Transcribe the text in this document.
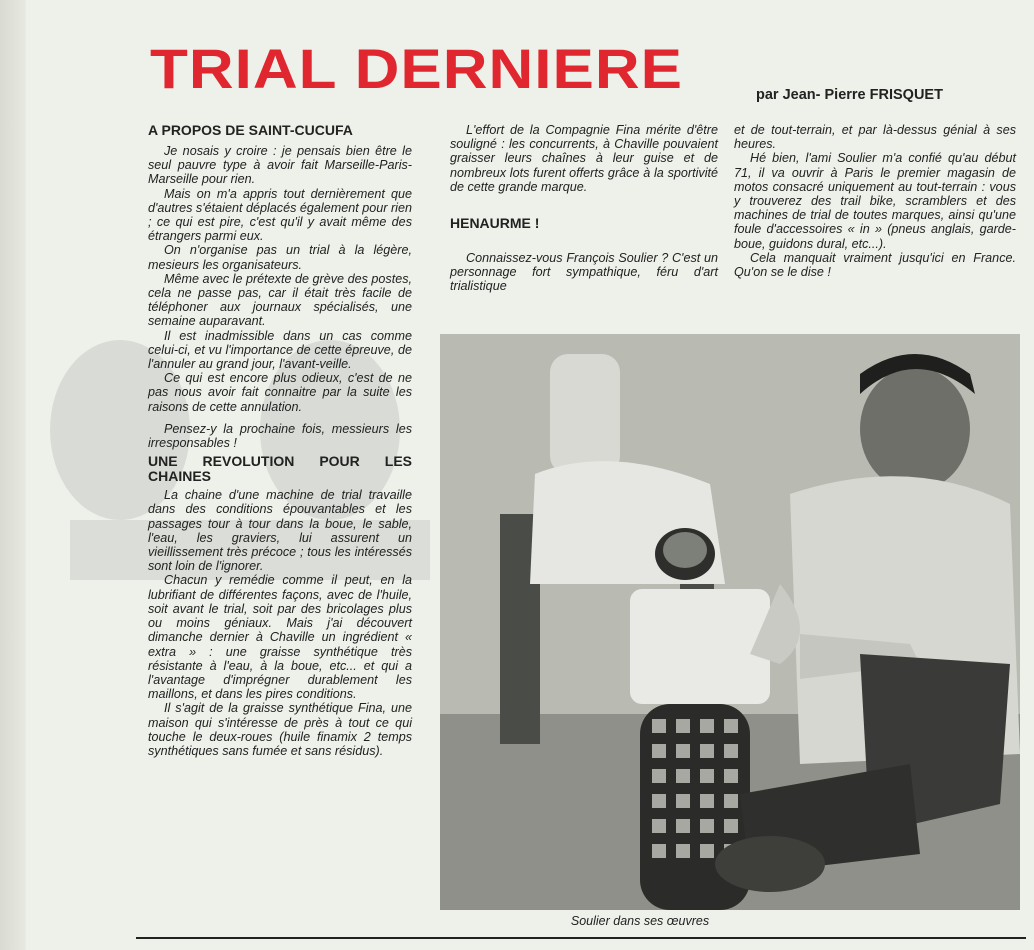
TRIAL DERNIERE	par Jean- Pierre FRISQUET
A PROPOS DE SAINT-CUCUFA

Je nosais y croire : je pensais bien être le seul pauvre type à avoir fait Marseille-Paris-Marseille pour rien.

Mais on m'a appris tout dernièrement que d'autres s'étaient déplacés également pour rien ; ce qui est pire, c'est qu'il y avait même des étrangers parmi eux.

On n'organise pas un trial à la légère, mesieurs les organisateurs.

Même avec le prétexte de grève des postes, cela ne passe pas, car il était très facile de téléphoner aux journaux spécialisés, une semaine auparavant.

Il est inadmissible dans un cas comme celui-ci, et vu l'importance de cette épreuve, de l'annuler au grand jour, l'avant-veille.

Ce qui est encore plus odieux, c'est de ne pas nous avoir fait connaitre par la suite les raisons de cette annulation.

Pensez-y la prochaine fois, messieurs les irresponsables !

UNE REVOLUTION POUR LES CHAINES

La chaine d'une machine de trial travaille dans des conditions épouvantables et les passages tour à tour dans la boue, le sable, l'eau, les graviers, lui assurent un vieillissement très précoce ; tous les intéressés sont loin de l'ignorer.

Chacun y remédie comme il peut, en la lubrifiant de différentes façons, avec de l'huile, soit avant le trial, soit par des bricolages plus ou moins géniaux. Mais j'ai découvert dimanche dernier à Chaville un ingrédient « extra » : une graisse synthétique très résistante à l'eau, à la boue, etc... et qui a l'avantage d'imprégner durablement les maillons, et dans les pires conditions.

Il s'agit de la graisse synthétique Fina, une maison qui s'intéresse de près à tout ce qui touche le deux-roues (huile finamix 2 temps synthétiques sans fumée et sans résidus).

L'effort de la Compagnie Fina mérite d'être souligné : les concurrents, à Chaville pouvaient graisser leurs chaînes à leur guise et de nombreux lots furent offerts grâce à la sportivité de cette grande marque.

HENAURME !

Connaissez-vous François Soulier ? C'est un personnage fort sympathique, féru d'art trialistique

et de tout-terrain, et par là-dessus génial à ses heures.

Hé bien, l'ami Soulier m'a confié qu'au début 71, il va ouvrir à Paris le premier magasin de motos consacré uniquement au tout-terrain : vous y trouverez des trail bike, scramblers et des machines de trial de toutes marques, ainsi qu'une foule d'accessoires « in » (pneus anglais, garde-boue, guidons dural, etc...).

Cela manquait vraiment jusqu'ici en France. Qu'on se le dise !

Soulier dans ses œuvres
